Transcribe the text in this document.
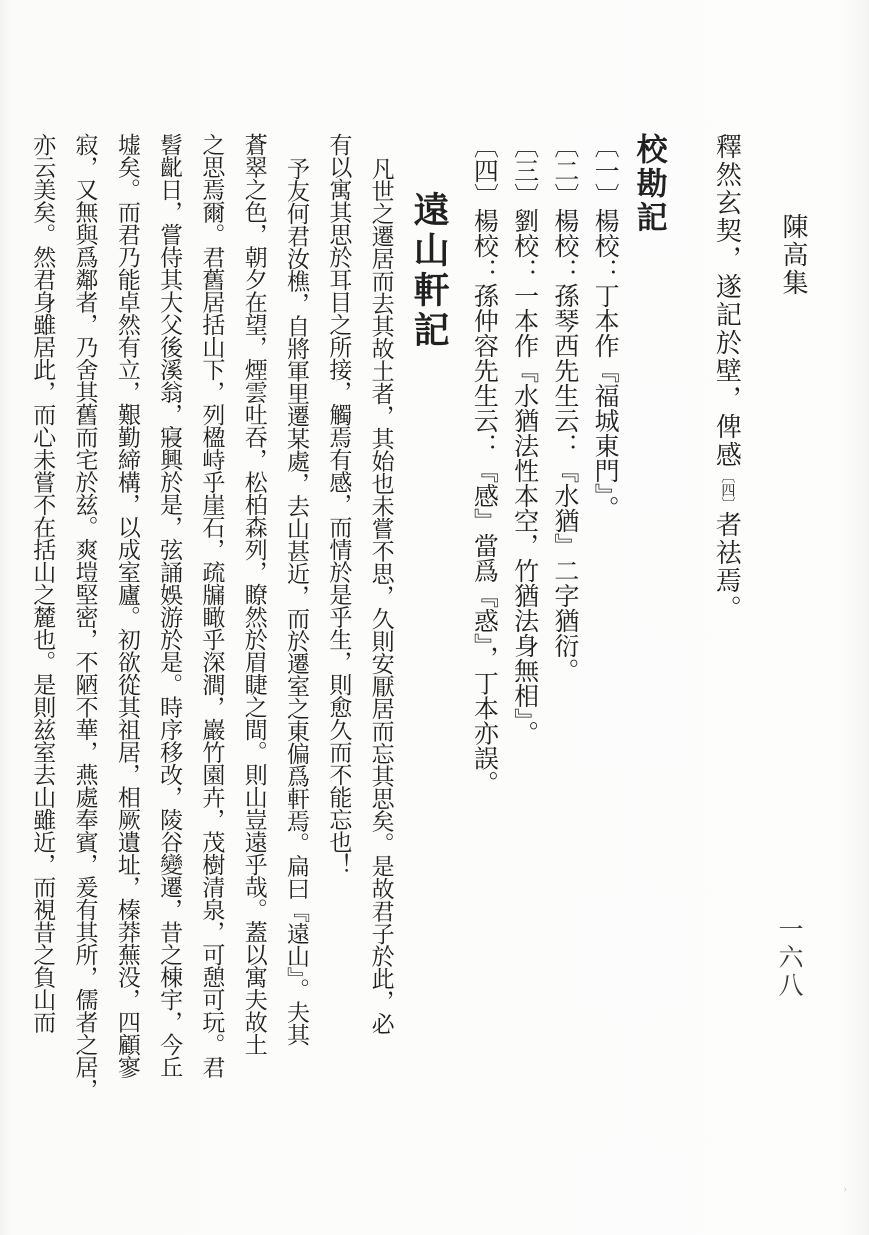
陳高集
釋然玄契，遂記於壁，俾感〔四〕者祛焉。
校勘記
〔一〕楊校：丁本作『福城東門』。
〔二〕楊校：孫琴西先生云：『水猶』二字猶衍。
〔三〕劉校：一本作『水猶法性本空，竹猶法身無相』。
〔四〕楊校：孫仲容先生云：『感』當爲『惑』，丁本亦誤。
遠山軒記
凡世之遷居而去其故土者，其始也未嘗不思，久則安厭居而忘其思矣。是故君子於此，必
有以寓其思於耳目之所接，觸焉有感，而情於是乎生，則愈久而不能忘也！
予友何君汝樵，自將軍里遷某處，去山甚近，而於遷室之東偏爲軒焉。扁曰『遠山』。夫其
蒼翠之色，朝夕在望，煙雲吐吞，松柏森列，瞭然於眉睫之間。則山豈遠乎哉。蓋以寓夫故土
之思焉爾。君舊居括山下，列楹峙乎崖石，疏牖瞰乎深澗，巖竹園卉，茂樹清泉，可憩可玩。君
髫齔日，嘗侍其大父後溪翁，寢興於是，弦誦娛游於是。時序移改，陵谷變遷，昔之棟宇，今丘
墟矣。而君乃能卓然有立，艱勤締構，以成室廬。初欲從其祖居，相厥遺址，榛莽蕪没，四顧寥
寂，又無與爲鄰者，乃舍其舊而宅於兹。爽塏堅密，不陋不華，燕處奉賓，爰有其所，儒者之居，
亦云美矣。然君身雖居此，而心未嘗不在括山之麓也。是則兹室去山雖近，而視昔之負山而	一六八
›
